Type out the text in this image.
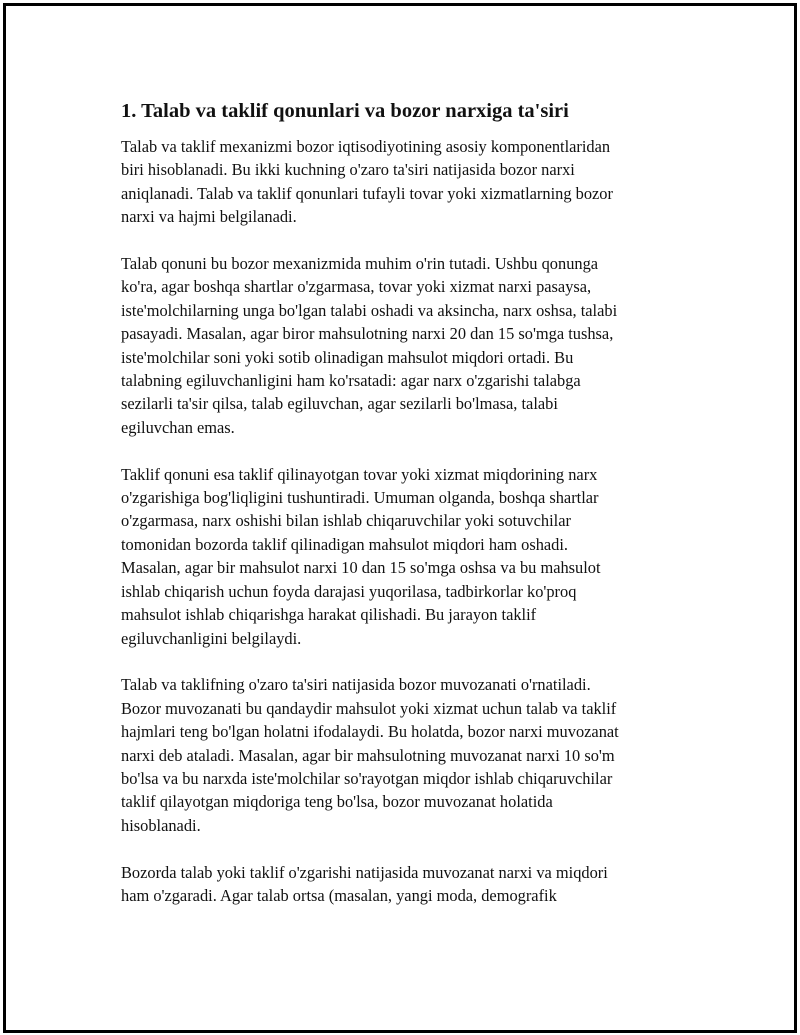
1. Talab va taklif qonunlari va bozor narxiga ta'siri

Talab va taklif mexanizmi bozor iqtisodiyotining asosiy komponentlaridan
biri hisoblanadi. Bu ikki kuchning o'zaro ta'siri natijasida bozor narxi
aniqlanadi. Talab va taklif qonunlari tufayli tovar yoki xizmatlarning bozor
narxi va hajmi belgilanadi.

Talab qonuni bu bozor mexanizmida muhim o'rin tutadi. Ushbu qonunga
ko'ra, agar boshqa shartlar o'zgarmasa, tovar yoki xizmat narxi pasaysa,
iste'molchilarning unga bo'lgan talabi oshadi va aksincha, narx oshsa, talabi
pasayadi. Masalan, agar biror mahsulotning narxi 20 dan 15 so'mga tushsa,
iste'molchilar soni yoki sotib olinadigan mahsulot miqdori ortadi. Bu
talabning egiluvchanligini ham ko'rsatadi: agar narx o'zgarishi talabga
sezilarli ta'sir qilsa, talab egiluvchan, agar sezilarli bo'lmasa, talabi
egiluvchan emas.

Taklif qonuni esa taklif qilinayotgan tovar yoki xizmat miqdorining narx
o'zgarishiga bog'liqligini tushuntiradi. Umuman olganda, boshqa shartlar
o'zgarmasa, narx oshishi bilan ishlab chiqaruvchilar yoki sotuvchilar
tomonidan bozorda taklif qilinadigan mahsulot miqdori ham oshadi.
Masalan, agar bir mahsulot narxi 10 dan 15 so'mga oshsa va bu mahsulot
ishlab chiqarish uchun foyda darajasi yuqorilasa, tadbirkorlar ko'proq
mahsulot ishlab chiqarishga harakat qilishadi. Bu jarayon taklif
egiluvchanligini belgilaydi.

Talab va taklifning o'zaro ta'siri natijasida bozor muvozanati o'rnatiladi.
Bozor muvozanati bu qandaydir mahsulot yoki xizmat uchun talab va taklif
hajmlari teng bo'lgan holatni ifodalaydi. Bu holatda, bozor narxi muvozanat
narxi deb ataladi. Masalan, agar bir mahsulotning muvozanat narxi 10 so'm
bo'lsa va bu narxda iste'molchilar so'rayotgan miqdor ishlab chiqaruvchilar
taklif qilayotgan miqdoriga teng bo'lsa, bozor muvozanat holatida
hisoblanadi.

Bozorda talab yoki taklif o'zgarishi natijasida muvozanat narxi va miqdori
ham o'zgaradi. Agar talab ortsa (masalan, yangi moda, demografik
